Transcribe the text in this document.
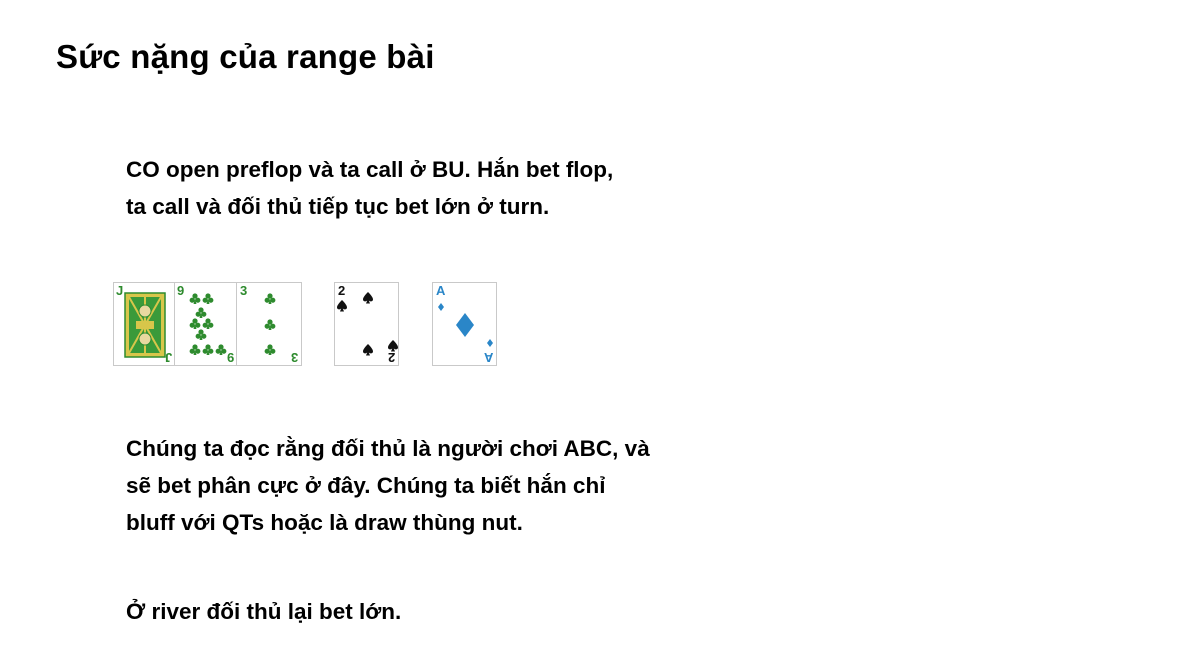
Sức nặng của range bài
CO open preflop và ta call ở BU. Hắn bet flop,
ta call và đối thủ tiếp tục bet lớn ở turn.
J
J
9
9
3
3
2
2
A
A
Chúng ta đọc rằng đối thủ là người chơi ABC, và
sẽ bet phân cực ở đây. Chúng ta biết hắn chỉ
bluff với QTs hoặc là draw thùng nut.
Ở river đối thủ lại bet lớn.
